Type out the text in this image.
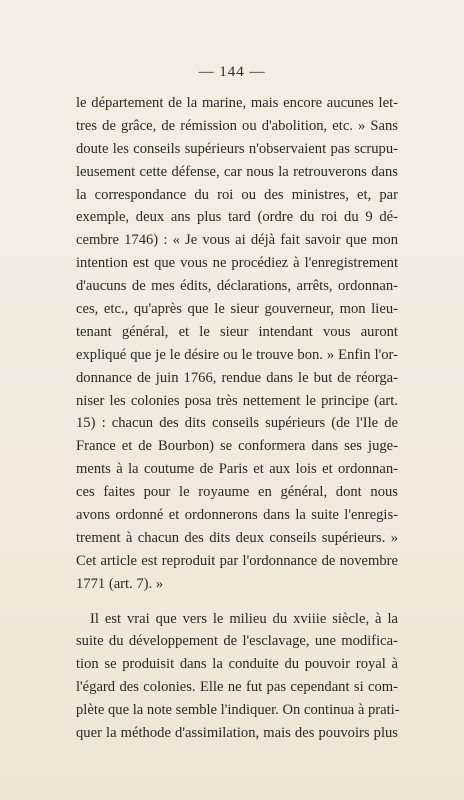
— 144 —
le département de la marine, mais encore aucunes let-
tres de grâce, de rémission ou d'abolition, etc. » Sans
doute les conseils supérieurs n'observaient pas scrupu-
leusement cette défense, car nous la retrouverons dans
la correspondance du roi ou des ministres, et, par
exemple, deux ans plus tard (ordre du roi du 9 dé-
cembre 1746) : « Je vous ai déjà fait savoir que mon
intention est que vous ne procédiez à l'enregistrement
d'aucuns de mes édits, déclarations, arrêts, ordonnan-
ces, etc., qu'après que le sieur gouverneur, mon lieu-
tenant général, et le sieur intendant vous auront
expliqué que je le désire ou le trouve bon. » Enfin l'or-
donnance de juin 1766, rendue dans le but de réorga-
niser les colonies posa très nettement le principe (art.
15) : chacun des dits conseils supérieurs (de l'Ile de
France et de Bourbon) se conformera dans ses juge-
ments à la coutume de Paris et aux lois et ordonnan-
ces faites pour le royaume en général, dont nous
avons ordonné et ordonnerons dans la suite l'enregis-
trement à chacun des dits deux conseils supérieurs. »
Cet article est reproduit par l'ordonnance de novembre
1771 (art. 7). »
Il est vrai que vers le milieu du xviiie siècle, à la
suite du développement de l'esclavage, une modifica-
tion se produisit dans la conduite du pouvoir royal à
l'égard des colonies. Elle ne fut pas cependant si com-
plète que la note semble l'indiquer. On continua à prati-
quer la méthode d'assimilation, mais des pouvoirs plus
